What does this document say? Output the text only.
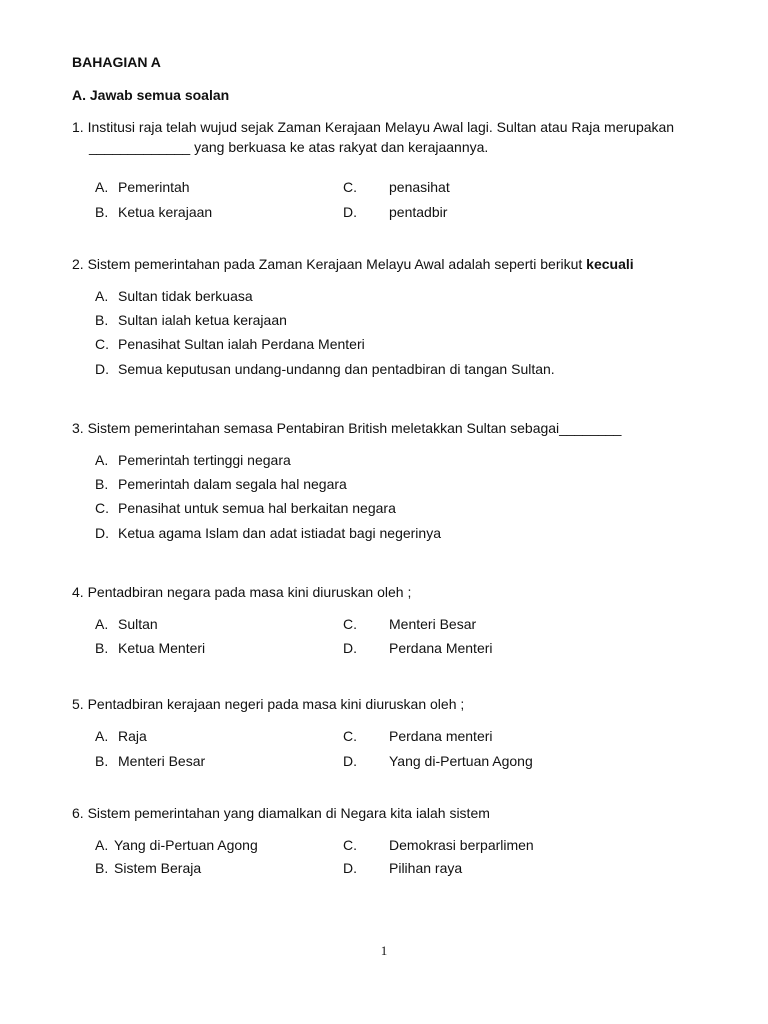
BAHAGIAN A
A. Jawab semua soalan
1. Institusi raja telah wujud sejak Zaman Kerajaan Melayu Awal lagi. Sultan atau Raja merupakan
_____________ yang berkuasa ke atas rakyat dan kerajaannya.
A. Pemerintah
B. Ketua kerajaan
C. penasihat
D. pentadbir
2. Sistem pemerintahan pada Zaman Kerajaan Melayu Awal adalah seperti berikut kecuali
A. Sultan tidak berkuasa
B. Sultan ialah ketua kerajaan
C. Penasihat Sultan ialah Perdana Menteri
D. Semua keputusan undang-undanng dan pentadbiran di tangan Sultan.
3. Sistem pemerintahan semasa Pentabiran British meletakkan Sultan sebagai________
A. Pemerintah tertinggi negara
B. Pemerintah dalam segala hal negara
C. Penasihat untuk semua hal berkaitan negara
D. Ketua agama Islam dan adat istiadat bagi negerinya
4. Pentadbiran negara pada masa kini diuruskan oleh ;
A. Sultan
B. Ketua Menteri
C. Menteri Besar
D. Perdana Menteri
5. Pentadbiran kerajaan negeri pada masa kini diuruskan oleh ;
A. Raja
B. Menteri Besar
C. Perdana menteri
D. Yang di-Pertuan Agong
6. Sistem pemerintahan yang diamalkan di Negara kita ialah sistem
A. Yang di-Pertuan Agong
B. Sistem Beraja
C. Demokrasi berparlimen
D. Pilihan raya
1
